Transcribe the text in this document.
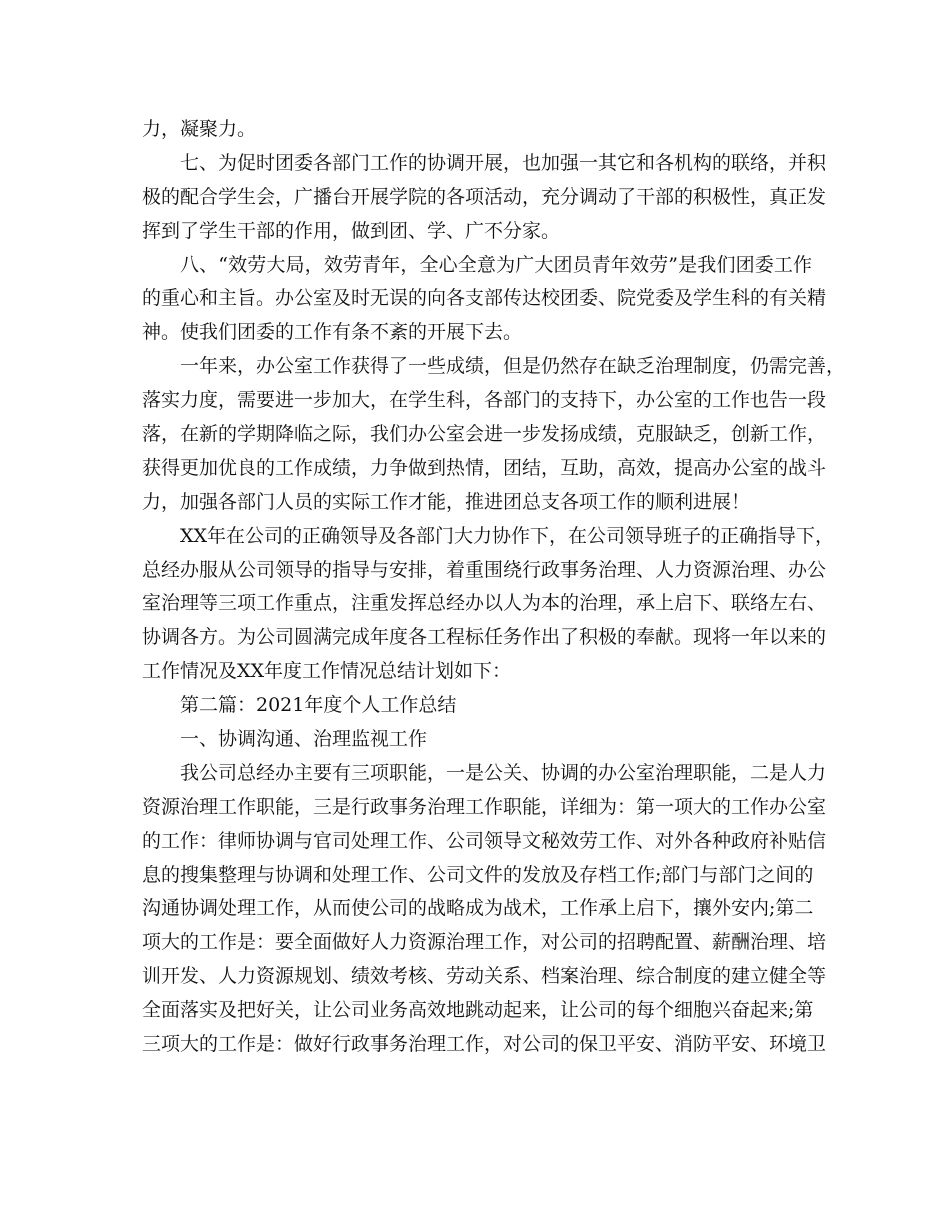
力，凝聚力。
七、为促时团委各部门工作的协调开展，也加强一其它和各机构的联络，并积
极的配合学生会，广播台开展学院的各项活动，充分调动了干部的积极性，真正发
挥到了学生干部的作用，做到团、学、广不分家。
八、“效劳大局，效劳青年，全心全意为广大团员青年效劳”是我们团委工作
的重心和主旨。办公室及时无误的向各支部传达校团委、院党委及学生科的有关精
神。使我们团委的工作有条不紊的开展下去。
一年来，办公室工作获得了一些成绩，但是仍然存在缺乏治理制度，仍需完善，
落实力度，需要进一步加大，在学生科，各部门的支持下，办公室的工作也告一段
落，在新的学期降临之际，我们办公室会进一步发扬成绩，克服缺乏，创新工作，
获得更加优良的工作成绩，力争做到热情，团结，互助，高效，提高办公室的战斗
力，加强各部门人员的实际工作才能，推进团总支各项工作的顺利进展！
XX年在公司的正确领导及各部门大力协作下，在公司领导班子的正确指导下，
总经办服从公司领导的指导与安排，着重围绕行政事务治理、人力资源治理、办公
室治理等三项工作重点，注重发挥总经办以人为本的治理，承上启下、联络左右、
协调各方。为公司圆满完成年度各工程标任务作出了积极的奉献。现将一年以来的
工作情况及XX年度工作情况总结计划如下：
第二篇：2021年度个人工作总结
一、协调沟通、治理监视工作
我公司总经办主要有三项职能，一是公关、协调的办公室治理职能，二是人力
资源治理工作职能，三是行政事务治理工作职能，详细为：第一项大的工作办公室
的工作：律师协调与官司处理工作、公司领导文秘效劳工作、对外各种政府补贴信
息的搜集整理与协调和处理工作、公司文件的发放及存档工作;部门与部门之间的
沟通协调处理工作，从而使公司的战略成为战术，工作承上启下，攘外安内;第二
项大的工作是：要全面做好人力资源治理工作，对公司的招聘配置、薪酬治理、培
训开发、人力资源规划、绩效考核、劳动关系、档案治理、综合制度的建立健全等
全面落实及把好关，让公司业务高效地跳动起来，让公司的每个细胞兴奋起来;第
三项大的工作是：做好行政事务治理工作，对公司的保卫平安、消防平安、环境卫
